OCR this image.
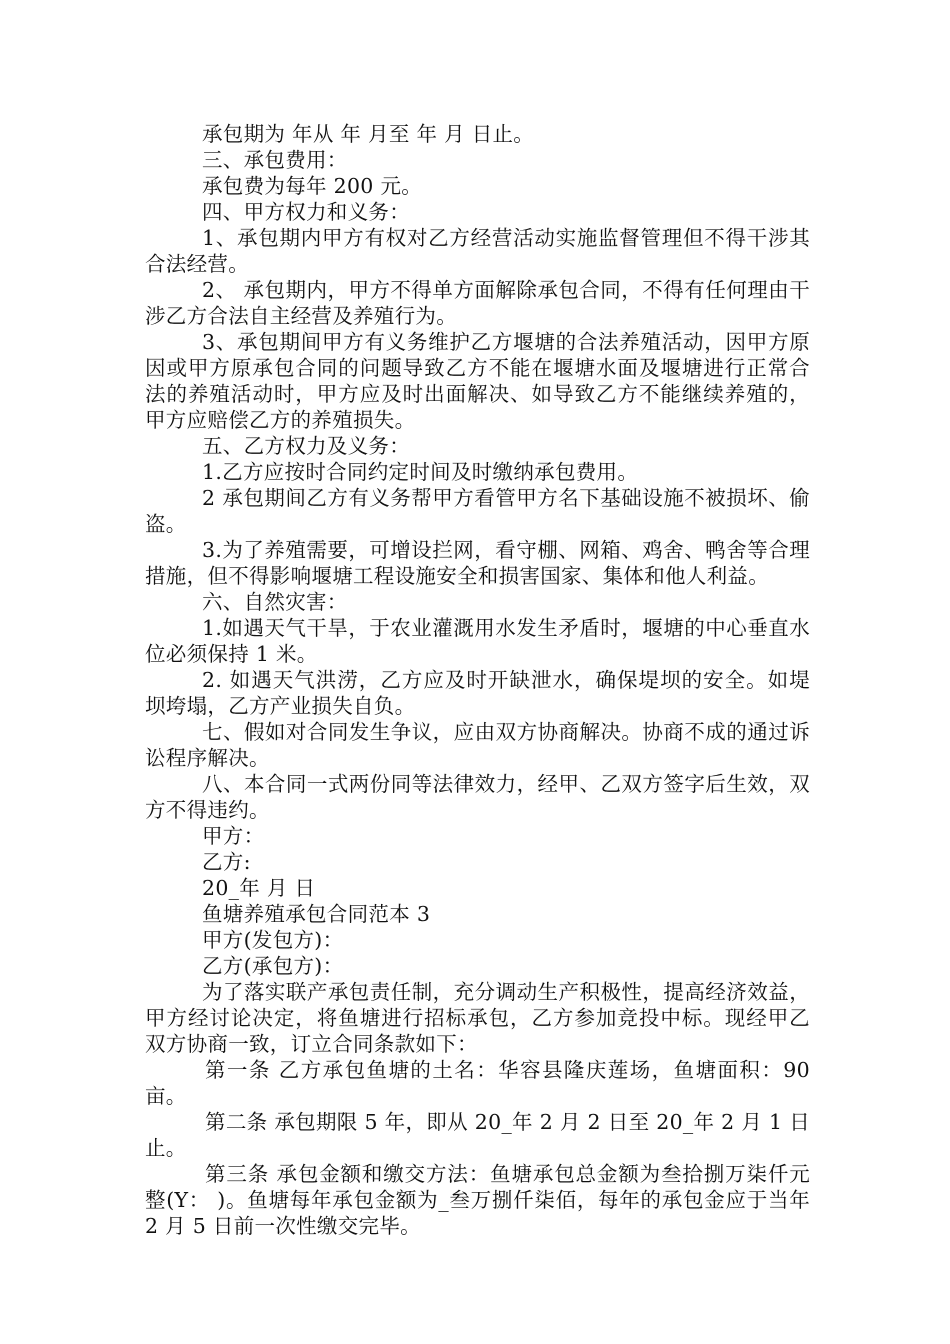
承包期为 年从 年 月至 年 月 日止。

三、承包费用：

承包费为每年 200 元。

四、甲方权力和义务：

1、承包期内甲方有权对乙方经营活动实施监督管理但不得干涉其合法经营。

2、 承包期内，甲方不得单方面解除承包合同，不得有任何理由干涉乙方合法自主经营及养殖行为。

3、承包期间甲方有义务维护乙方堰塘的合法养殖活动，因甲方原因或甲方原承包合同的问题导致乙方不能在堰塘水面及堰塘进行正常合法的养殖活动时，甲方应及时出面解决、如导致乙方不能继续养殖的，甲方应赔偿乙方的养殖损失。

五、乙方权力及义务：

1.乙方应按时合同约定时间及时缴纳承包费用。

2 承包期间乙方有义务帮甲方看管甲方名下基础设施不被损坏、偷盗。

3.为了养殖需要，可增设拦网，看守棚、网箱、鸡舍、鸭舍等合理措施，但不得影响堰塘工程设施安全和损害国家、集体和他人利益。

六、自然灾害：

1.如遇天气干旱，于农业灌溉用水发生矛盾时，堰塘的中心垂直水位必须保持 1 米。

2. 如遇天气洪涝，乙方应及时开缺泄水，确保堤坝的安全。如堤坝垮塌，乙方产业损失自负。

七、假如对合同发生争议，应由双方协商解决。协商不成的通过诉讼程序解决。

八、本合同一式两份同等法律效力，经甲、乙双方签字后生效，双方不得违约。

甲方：

乙方:

20_年 月 日

鱼塘养殖承包合同范本 3

甲方(发包方)：

乙方(承包方)：

为了落实联产承包责任制，充分调动生产积极性，提高经济效益，甲方经讨论决定，将鱼塘进行招标承包，乙方参加竞投中标。现经甲乙双方协商一致，订立合同条款如下：

第一条 乙方承包鱼塘的土名：华容县隆庆莲场，鱼塘面积：90 亩。

第二条 承包期限 5 年，即从 20_年 2 月 2 日至 20_年 2 月 1 日止。

第三条 承包金额和缴交方法：鱼塘承包总金额为叁拾捌万柒仟元整(Y： )。鱼塘每年承包金额为_叁万捌仟柒佰，每年的承包金应于当年 2 月 5 日前一次性缴交完毕。
